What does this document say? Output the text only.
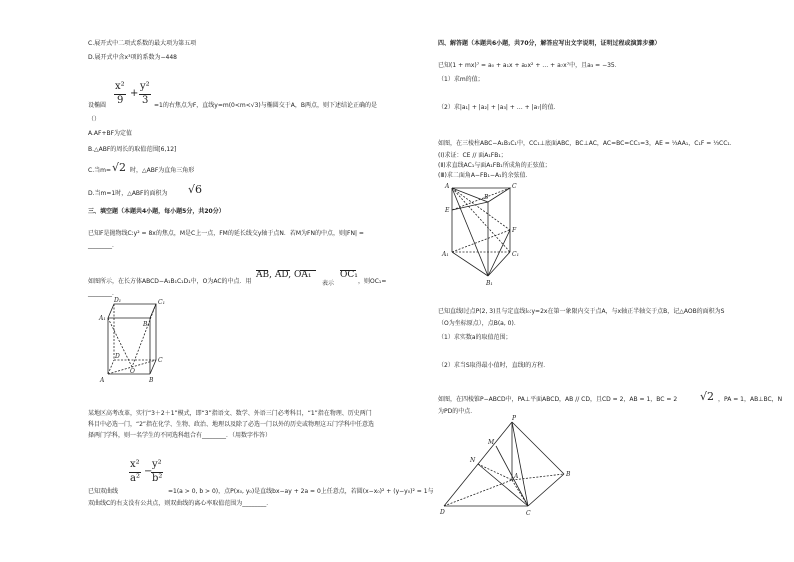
C.展开式中二项式系数的最大项为第五项
D.展开式中含x³项的系数为−448
x²
9
+
y²
3
设椭圆	=1的右焦点为F，直线y=m(0<m<√3)与椭圆交于A，B两点，则下述结论正确的是
（）
A.AF+BF为定值
B.△ABF的周长的取值范围[6,12]
C.当m= √2 时，△ABF为直角三角形
D.当m=1时，△ABF的面积为 √6
三、填空题（本题共4小题，每小题5分，共20分）
已知F是抛物线C:y² = 8x的焦点，M是C上一点，FM的延长线交y轴于点N．若M为FN的中点，则|FN| =
________．
如图所示，在长方体ABCD−A₁B₁C₁D₁中，O为AC的中点．用
AB, AD, OA₁
表示
OC₁
，则OC₁=
________．
D₁	C₁
A₁
B₁
O
D
C
A	B
某地区高考改革，实行“3＋2＋1”模式，即“3”指语文、数学、外语三门必考科目，“1”指在物理、历史两门
科目中必选一门，“2”指在化学、生物、政治、地理以及除了必选一门以外的历史或物理这五门学科中任意选
择两门学科，则一名学生的不同选科组合有________．（用数字作答）
x²
a²
−
y²
b²
已知双曲线	=1(a > 0, b > 0)，点P(x₀, y₀)是直线bx−ay + 2a = 0上任意点，若圆(x−x₀)² + (y−y₀)² = 1与
双曲线C的右支没有公共点，则双曲线的离心率取值范围为________．
四、解答题（本题共6小题，共70分，解答应写出文字说明，证明过程或演算步骤）
已知(1 + mx)⁷ = a₀ + a₁x + a₂x² + … + a₇x⁷中，且a₃ = −35．
（1）求m的值；
（2）求|a₁| + |a₂| + |a₃| + … + |a₇|的值．
如图，在三棱柱ABC−A₁B₁C₁中，CC₁⊥底面ABC，BC⊥AC，AC=BC=CC₁=3，AE = ⅓AA₁，C₁F = ⅓CC₁．
(Ⅰ)求证：CE // 面A₁FB₁；
(Ⅱ)求直线AC₁与面A₁FB₁所成角的正弦值；
(Ⅲ)求二面角A−FB₁−A₁的余弦值．
A
B
C
E
F
A₁	C₁
B₁
已知直线l过点P(2, 3)且与定直线l₀:y=2x在第一象限内交于点A，与x轴正半轴交于点B，记△AOB的面积为S
（O为坐标原点），点B(a, 0)．
（1）求实数a的取值范围；
（2）求当S取得最小值时，直线l的方程．
如图，在四棱锥P−ABCD中，PA⊥平面ABCD，AB // CD，且CD = 2，AB = 1，BC = 2 √2 ，PA = 1，AB⊥BC，N
为PD的中点．
P
M
N
A	B
D	C
